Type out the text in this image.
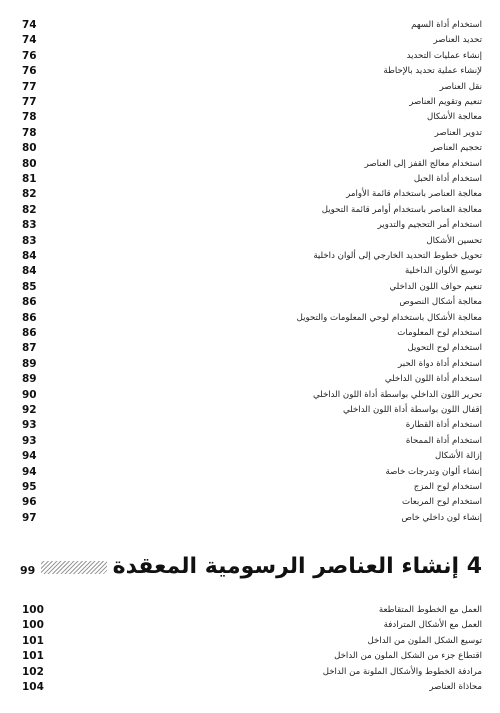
74	استخدام أداة السهم
74	تحديد العناصر
76	إنشاء عمليات التحديد
76	لإنشاء عملية تحديد بالإحاطة
77	نقل العناصر
77	تنعيم وتقويم العناصر
78	معالجة الأشكال
78	تدوير العناصر
80	تحجيم العناصر
80	استخدام معالج القفز إلى العناصر
81	استخدام أداة الحبل
82	معالجة العناصر باستخدام قائمة الأوامر
82	معالجة العناصر باستخدام أوامر قائمة التحويل
83	استخدام أمر التحجيم والتدوير
83	تحسين الأشكال
84	تحويل خطوط التحديد الخارجي إلى ألوان داخلية
84	توسيع الألوان الداخلية
85	تنعيم حواف اللون الداخلي
86	معالجة أشكال النصوص
86	معالجة الأشكال باستخدام لوحي المعلومات والتحويل
86	استخدام لوح المعلومات
87	استخدام لوح التحويل
89	استخدام أداة دواة الحبر
89	استخدام أداة اللون الداخلي
90	تحرير اللون الداخلي بواسطة أداة اللون الداخلي
92	إقفال اللون بواسطة أداة اللون الداخلي
93	استخدام أداة القطارة
93	استخدام أداة الممحاة
94	إزالة الأشكال
94	إنشاء ألوان وتدرجات خاصة
95	استخدام لوح المزج
96	استخدام لوح المربعات
97	إنشاء لون داخلي خاص
99	4 إنشاء العناصر الرسومية المعقدة
100	العمل مع الخطوط المتقاطعة
100	العمل مع الأشكال المترادفة
101	توسيع الشكل الملون من الداخل
101	اقتطاع جزء من الشكل الملون من الداخل
102	مرادفة الخطوط والأشكال الملونة من الداخل
104	محاذاة العناصر
